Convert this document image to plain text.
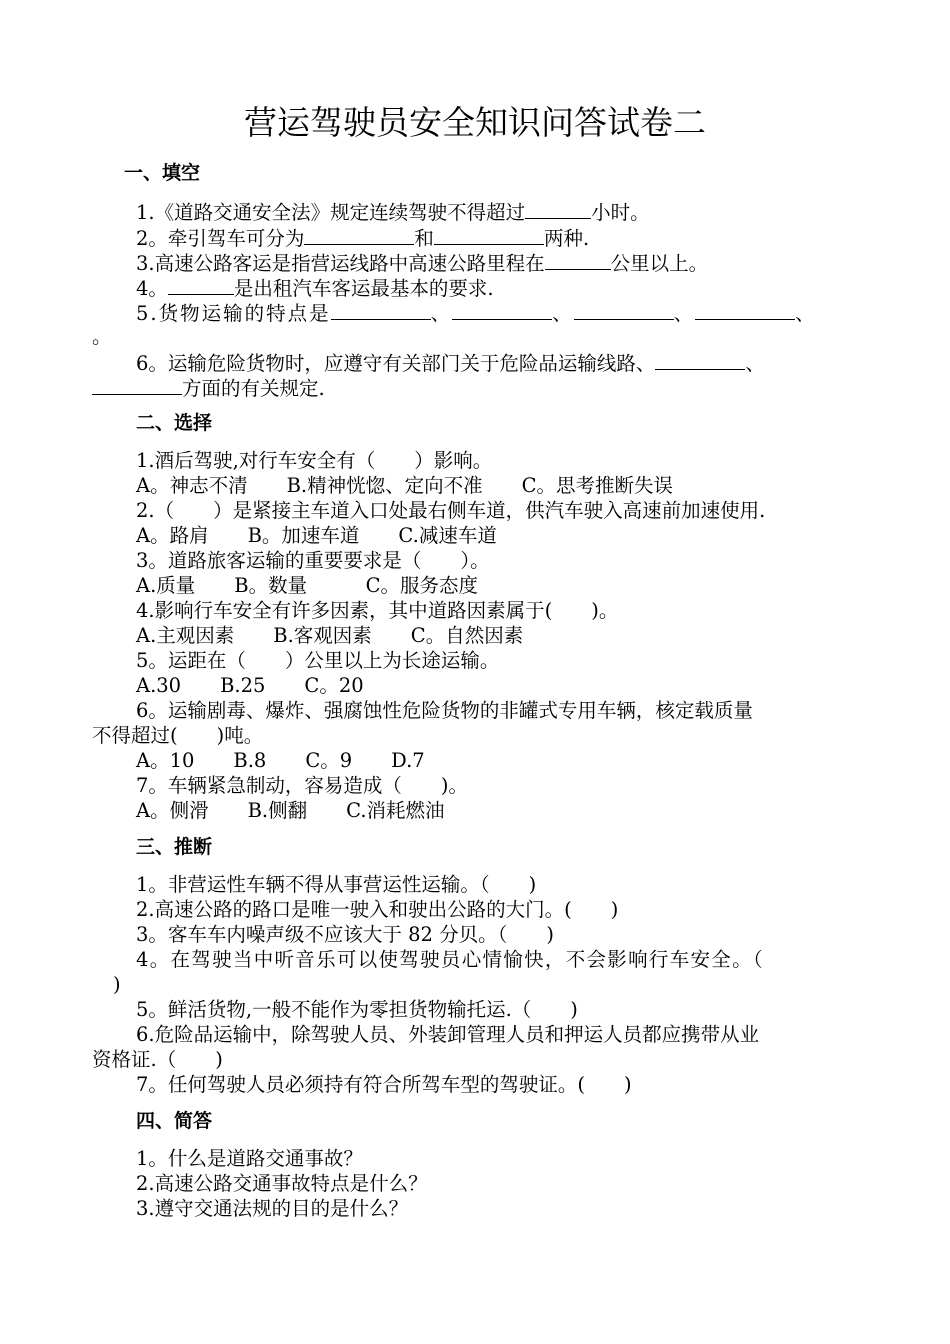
营运驾驶员安全知识问答试卷二
一、填空
1.《道路交通安全法》规定连续驾驶不得超过	小时。
2。牵引驾车可分为	和	两种.
3.高速公路客运是指营运线路中高速公路里程在	公里以上。
4。	是出租汽车客运最基本的要求.
5.货物运输的特点是	、	、	、	、
。
6。运输危险货物时，应遵守有关部门关于危险品运输线路、	、
方面的有关规定.
二、选择
1.酒后驾驶,对行车安全有（　　）影响。
A。神志不清　　B.精神恍惚、定向不准　　C。思考推断失误
2.（　　）是紧接主车道入口处最右侧车道，供汽车驶入高速前加速使用.
A。路肩　　B。加速车道　　C.减速车道
A.质量　　B。数量　　　C。服务态度
3。道路旅客运输的重要要求是（　　）。
4.影响行车安全有许多因素，其中道路因素属于(　　)。
A.主观因素　　B.客观因素　　C。自然因素
5。运距在（　　）公里以上为长途运输。
A.30　　B.25　　C。20
6。运输剧毒、爆炸、强腐蚀性危险货物的非罐式专用车辆，核定载质量
不得超过(　　)吨。
A。10　　B.8　　C。9　　D.7
7。车辆紧急制动，容易造成（　　)。
A。侧滑　　B.侧翻　　C.消耗燃油
三、推断
1。非营运性车辆不得从事营运性运输。（　　)
2.高速公路的路口是唯一驶入和驶出公路的大门。(　　)
3。客车车内噪声级不应该大于 82 分贝。（　　)
4。在驾驶当中听音乐可以使驾驶员心情愉快，不会影响行车安全。（
)
5。鲜活货物,一般不能作为零担货物输托运.（　　)
6.危险品运输中，除驾驶人员、外装卸管理人员和押运人员都应携带从业
资格证.（　　)
7。任何驾驶人员必须持有符合所驾车型的驾驶证。(　　)
四、简答
1。什么是道路交通事故？
2.高速公路交通事故特点是什么？
3.遵守交通法规的目的是什么？
